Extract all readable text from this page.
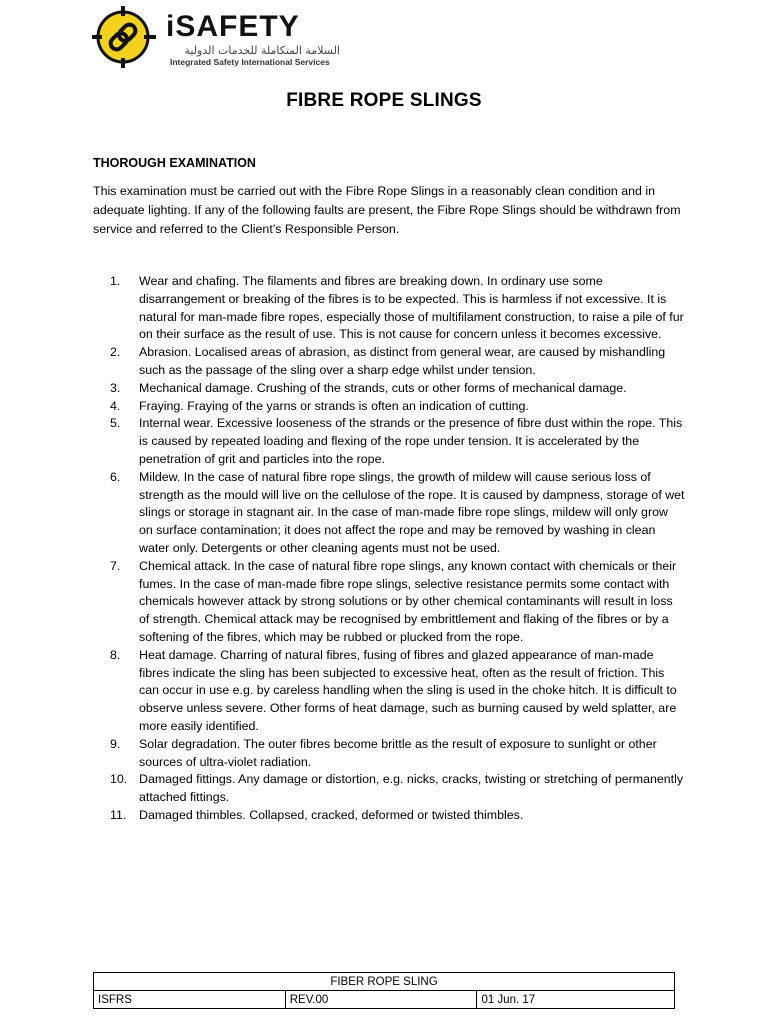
iSAFETY
السلامة المتكاملة للخدمات الدولية
Integrated Safety International Services
FIBRE ROPE SLINGS
THOROUGH EXAMINATION
This examination must be carried out with the Fibre Rope Slings in a reasonably clean condition and in adequate lighting. If any of the following faults are present, the Fibre Rope Slings should be withdrawn from service and referred to the Client’s Responsible Person.
1.	Wear and chafing. The filaments and fibres are breaking down. In ordinary use some disarrangement or breaking of the fibres is to be expected. This is harmless if not excessive. It is natural for man-made fibre ropes, especially those of multifilament construction, to raise a pile of fur on their surface as the result of use. This is not cause for concern unless it becomes excessive.
2.	Abrasion. Localised areas of abrasion, as distinct from general wear, are caused by mishandling such as the passage of the sling over a sharp edge whilst under tension.
3.	Mechanical damage. Crushing of the strands, cuts or other forms of mechanical damage.
4.	Fraying. Fraying of the yarns or strands is often an indication of cutting.
5.	Internal wear. Excessive looseness of the strands or the presence of fibre dust within the rope. This is caused by repeated loading and flexing of the rope under tension. It is accelerated by the penetration of grit and particles into the rope.
6.	Mildew. In the case of natural fibre rope slings, the growth of mildew will cause serious loss of strength as the mould will live on the cellulose of the rope. It is caused by dampness, storage of wet slings or storage in stagnant air. In the case of man-made fibre rope slings, mildew will only grow on surface contamination; it does not affect the rope and may be removed by washing in clean water only. Detergents or other cleaning agents must not be used.
7.	Chemical attack. In the case of natural fibre rope slings, any known contact with chemicals or their fumes. In the case of man-made fibre rope slings, selective resistance permits some contact with chemicals however attack by strong solutions or by other chemical contaminants will result in loss of strength. Chemical attack may be recognised by embrittlement and flaking of the fibres or by a softening of the fibres, which may be rubbed or plucked from the rope.
8.	Heat damage. Charring of natural fibres, fusing of fibres and glazed appearance of man-made fibres indicate the sling has been subjected to excessive heat, often as the result of friction. This can occur in use e.g. by careless handling when the sling is used in the choke hitch. It is difficult to observe unless severe. Other forms of heat damage, such as burning caused by weld splatter, are more easily identified.
9.	Solar degradation. The outer fibres become brittle as the result of exposure to sunlight or other sources of ultra-violet radiation.
10. Damaged fittings. Any damage or distortion, e.g. nicks, cracks, twisting or stretching of permanently attached fittings.
11.	Damaged thimbles. Collapsed, cracked, deformed or twisted thimbles.
FIBER ROPE SLING
ISFRS	REV.00	01 Jun. 17
